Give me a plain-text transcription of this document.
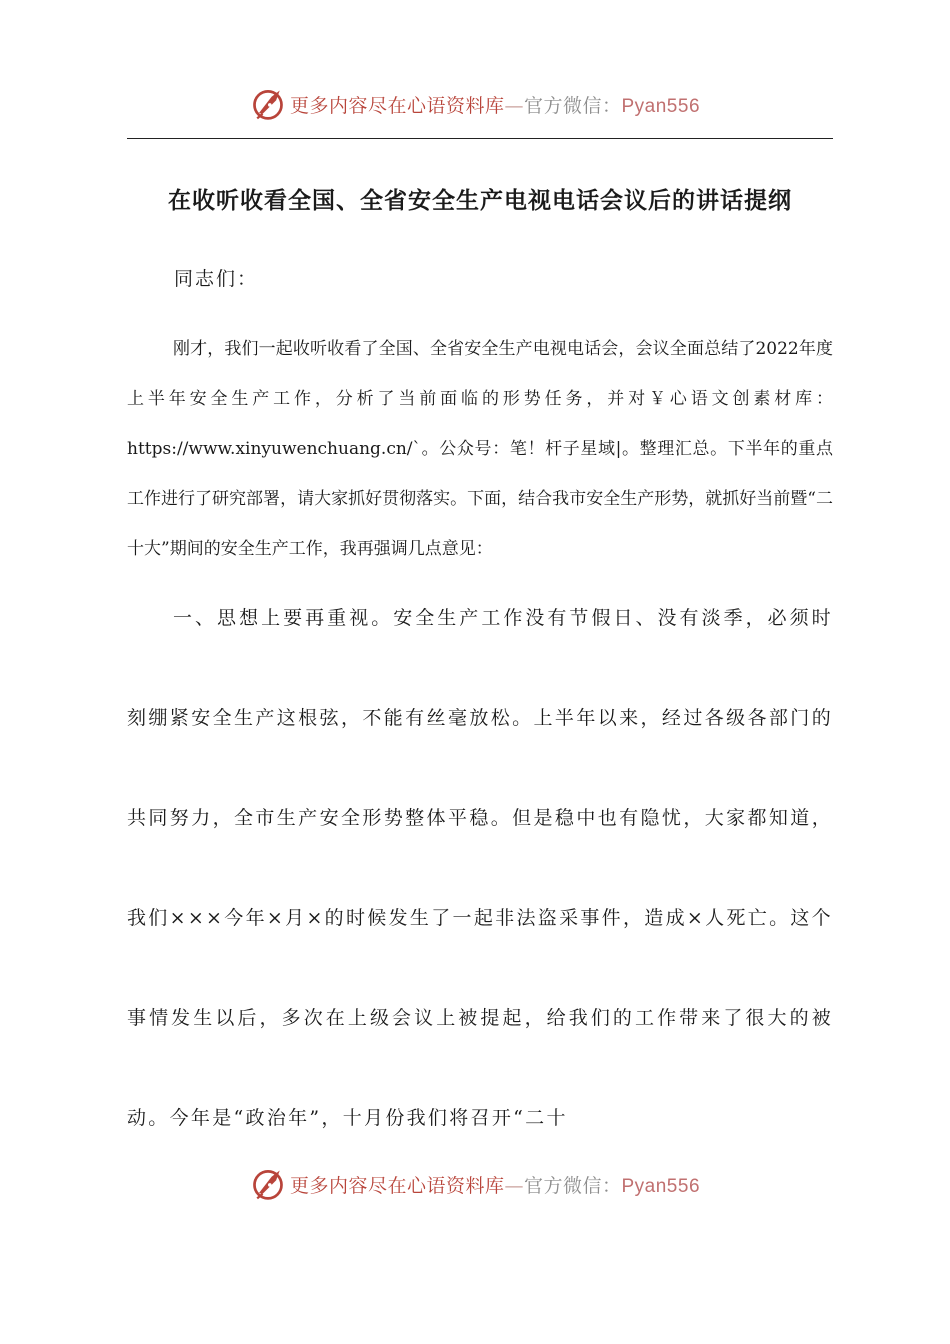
更多内容尽在心语资料库—官方微信：Pyan556
在收听收看全国、全省安全生产电视电话会议后的讲话提纲
同志们：
刚才，我们一起收听收看了全国、全省安全生产电视电话会，会议全面总结了2022年度上半年安全生产工作，分析了当前面临的形势任务，并对￥心语文创素材库：https://www.xinyuwenchuang.cn/`。公众号：笔！杆子星域|。整理汇总。下半年的重点工作进行了研究部署，请大家抓好贯彻落实。下面，结合我市安全生产形势，就抓好当前暨“二十大”期间的安全生产工作，我再强调几点意见：
一、思想上要再重视。安全生产工作没有节假日、没有淡季，必须时刻绷紧安全生产这根弦，不能有丝毫放松。上半年以来，经过各级各部门的共同努力，全市生产安全形势整体平稳。但是稳中也有隐忧，大家都知道，我们×××今年×月×的时候发生了一起非法盗采事件，造成×人死亡。这个事情发生以后，多次在上级会议上被提起，给我们的工作带来了很大的被动。今年是“政治年”，十月份我们将召开“二十
更多内容尽在心语资料库—官方微信：Pyan556
